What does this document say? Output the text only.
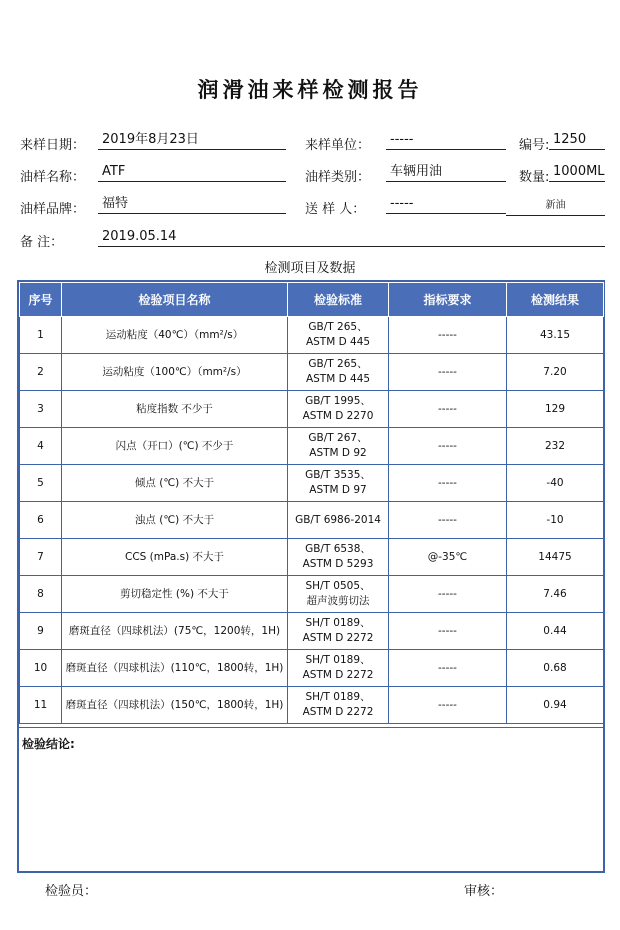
润滑油来样检测报告
来样日期：	2019年8月23日	来样单位：	-----	编号: 1250
油样名称：	ATF	油样类别：	车辆用油	数量: 1000ML
油样品牌：	福特	送 样 人：	-----	新油
备 注：	2019.05.14
检测项目及数据
序号	检验项目名称	检验标准	指标要求	检测结果
1	运动粘度（40℃）（mm²/s）	GB/T 265、
ASTM D 445	-----	43.15
2	运动粘度（100℃）（mm²/s）	GB/T 265、
ASTM D 445	-----	7.20
3	粘度指数 不少于	GB/T 1995、
ASTM D 2270	-----	129
4	闪点（开口）(℃) 不少于	GB/T 267、
ASTM D 92	-----	232
5	倾点 (℃) 不大于	GB/T 3535、
ASTM D 97	-----	-40
6	浊点 (℃) 不大于	GB/T 6986-2014	-----	-10
7	CCS (mPa.s) 不大于	GB/T 6538、
ASTM D 5293	@-35℃	14475
8	剪切稳定性 (%) 不大于	SH/T 0505、
超声波剪切法	-----	7.46
9	磨斑直径（四球机法）(75℃，1200转，1H)	SH/T 0189、
ASTM D 2272	-----	0.44
10	磨斑直径（四球机法）(110℃，1800转，1H)	SH/T 0189、
ASTM D 2272	-----	0.68
11	磨斑直径（四球机法）(150℃，1800转，1H)	SH/T 0189、
ASTM D 2272	-----	0.94
检验结论:
检验员：	审核：
